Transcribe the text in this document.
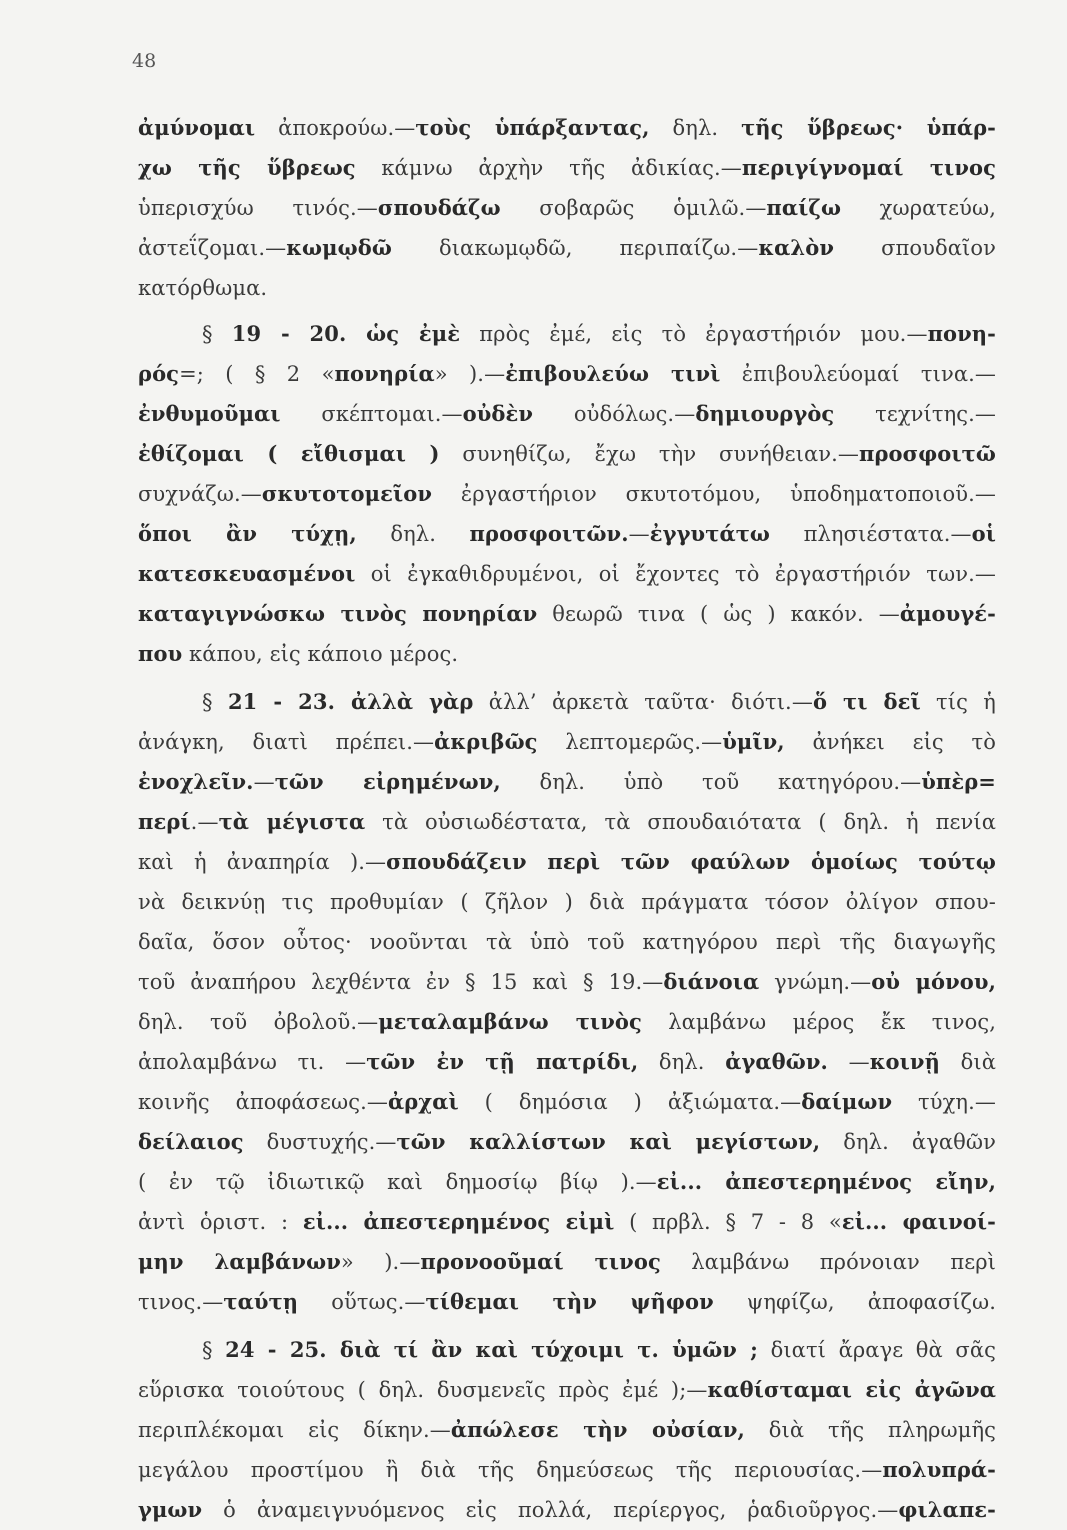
48
ἀμύνομαι ἀποκρούω.—τοὺς ὑπάρξαντας, δηλ. τῆς ὕβρεως· ὑπάρ-
χω τῆς ὕβρεως κάμνω ἀρχὴν τῆς ἀδικίας.—περιγίγνομαί τινος
ὑπερισχύω τινός.—σπουδάζω σοβαρῶς ὁμιλῶ.—παίζω χωρατεύω,
ἀστεΐζομαι.—κωμῳδῶ διακωμῳδῶ, περιπαίζω.—καλὸν σπουδαῖον
κατόρθωμα.
§ 19 - 20. ὡς ἐμὲ πρὸς ἐμέ, εἰς τὸ ἐργαστήριόν μου.—πονη-
ρός=; ( § 2 «πονηρία» ).—ἐπιβουλεύω τινὶ ἐπιβουλεύομαί τινα.—
ἐνθυμοῦμαι σκέπτομαι.—οὐδὲν οὐδόλως.—δημιουργὸς τεχνίτης.—
ἐθίζομαι ( εἴθισμαι ) συνηθίζω, ἔχω τὴν συνήθειαν.—προσφοιτῶ
συχνάζω.—σκυτοτομεῖον ἐργαστήριον σκυτοτόμου, ὑποδηματοποιοῦ.—
ὅποι ἂν τύχῃ, δηλ. προσφοιτῶν.—ἐγγυτάτω πλησιέστατα.—οἱ
κατεσκευασμένοι οἱ ἐγκαθιδρυμένοι, οἱ ἔχοντες τὸ ἐργαστήριόν των.—
καταγιγνώσκω τινὸς πονηρίαν θεωρῶ τινα ( ὡς ) κακόν. —ἀμουγέ-
που κάπου, εἰς κάποιο μέρος.
§ 21 - 23. ἀλλὰ γὰρ ἀλλ’ ἀρκετὰ ταῦτα· διότι.—ὅ τι δεῖ τίς ἡ
ἀνάγκη, διατὶ πρέπει.—ἀκριβῶς λεπτομερῶς.—ὑμῖν, ἀνήκει εἰς τὸ
ἐνοχλεῖν.—τῶν εἰρημένων, δηλ. ὑπὸ τοῦ κατηγόρου.—ὑπὲρ=
περί.—τὰ μέγιστα τὰ οὐσιωδέστατα, τὰ σπουδαιότατα ( δηλ. ἡ πενία
καὶ ἡ ἀναπηρία ).—σπουδάζειν περὶ τῶν φαύλων ὁμοίως τούτῳ
νὰ δεικνύῃ τις προθυμίαν ( ζῆλον ) διὰ πράγματα τόσον ὀλίγον σπου-
δαῖα, ὅσον οὗτος· νοοῦνται τὰ ὑπὸ τοῦ κατηγόρου περὶ τῆς διαγωγῆς
τοῦ ἀναπήρου λεχθέντα ἐν § 15 καὶ § 19.—διάνοια γνώμη.—οὐ μόνου,
δηλ. τοῦ ὀβολοῦ.—μεταλαμβάνω τινὸς λαμβάνω μέρος ἔκ τινος,
ἀπολαμβάνω τι. —τῶν ἐν τῇ πατρίδι, δηλ. ἀγαθῶν. —κοινῇ διὰ
κοινῆς ἀποφάσεως.—ἀρχαὶ ( δημόσια ) ἀξιώματα.—δαίμων τύχη.—
δείλαιος δυστυχής.—τῶν καλλίστων καὶ μεγίστων, δηλ. ἀγαθῶν
( ἐν τῷ ἰδιωτικῷ καὶ δημοσίῳ βίῳ ).—εἰ... ἀπεστερημένος εἴην,
ἀντὶ ὁριστ. : εἰ... ἀπεστερημένος εἰμὶ ( πρβλ. § 7 - 8 «εἰ... φαινοί-
μην λαμβάνων» ).—προνοοῦμαί τινος λαμβάνω πρόνοιαν περὶ
τινος.—ταύτῃ οὕτως.—τίθεμαι τὴν ψῆφον ψηφίζω, ἀποφασίζω.
§ 24 - 25. διὰ τί ἂν καὶ τύχοιμι τ. ὑμῶν ; διατί ἄραγε θὰ σᾶς
εὕρισκα τοιούτους ( δηλ. δυσμενεῖς πρὸς ἐμέ );—καθίσταμαι εἰς ἀγῶνα
περιπλέκομαι εἰς δίκην.—ἀπώλεσε τὴν οὐσίαν, διὰ τῆς πληρωμῆς
μεγάλου προστίμου ἢ διὰ τῆς δημεύσεως τῆς περιουσίας.—πολυπρά-
γμων ὁ ἀναμειγνυόμενος εἰς πολλά, περίεργος, ῥαδιοῦργος.—φιλαπε-
